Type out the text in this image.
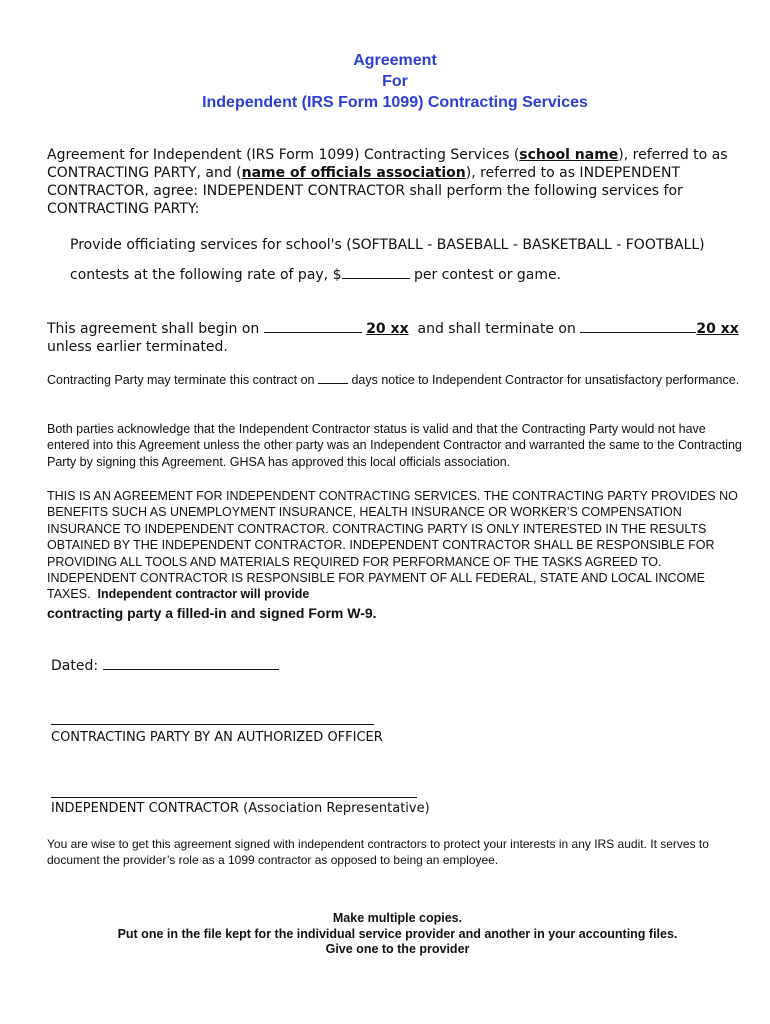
Agreement
For
Independent (IRS Form 1099) Contracting Services
Agreement for Independent (IRS Form 1099) Contracting Services (school name), referred to as CONTRACTING PARTY, and (name of officials association), referred to as INDEPENDENT CONTRACTOR, agree: INDEPENDENT CONTRACTOR shall perform the following services for CONTRACTING PARTY:
Provide officiating services for school's (SOFTBALL - BASEBALL - BASKETBALL - FOOTBALL)
contests at the following rate of pay, $	per contest or game.
This agreement shall begin on	20 xx and shall terminate on	20 xx
unless earlier terminated.
Contracting Party may terminate this contract on	days notice to Independent Contractor for unsatisfactory performance.
Both parties acknowledge that the Independent Contractor status is valid and that the Contracting Party would not have entered into this Agreement unless the other party was an Independent Contractor and warranted the same to the Contracting Party by signing this Agreement. GHSA has approved this local officials association.
THIS IS AN AGREEMENT FOR INDEPENDENT CONTRACTING SERVICES. THE CONTRACTING PARTY PROVIDES NO BENEFITS SUCH AS UNEMPLOYMENT INSURANCE, HEALTH INSURANCE OR WORKER’S COMPENSATION INSURANCE TO INDEPENDENT CONTRACTOR. CONTRACTING PARTY IS ONLY INTERESTED IN THE RESULTS OBTAINED BY THE INDEPENDENT CONTRACTOR. INDEPENDENT CONTRACTOR SHALL BE RESPONSIBLE FOR PROVIDING ALL TOOLS AND MATERIALS REQUIRED FOR PERFORMANCE OF THE TASKS AGREED TO. INDEPENDENT CONTRACTOR IS RESPONSIBLE FOR PAYMENT OF ALL FEDERAL, STATE AND LOCAL INCOME TAXES. Independent contractor will provide
contracting party a filled-in and signed Form W-9.
Dated:
CONTRACTING PARTY BY AN AUTHORIZED OFFICER
INDEPENDENT CONTRACTOR (Association Representative)
You are wise to get this agreement signed with independent contractors to protect your interests in any IRS audit. It serves to document the provider’s role as a 1099 contractor as opposed to being an employee.
Make multiple copies.
Put one in the file kept for the individual service provider and another in your accounting files.
Give one to the provider
